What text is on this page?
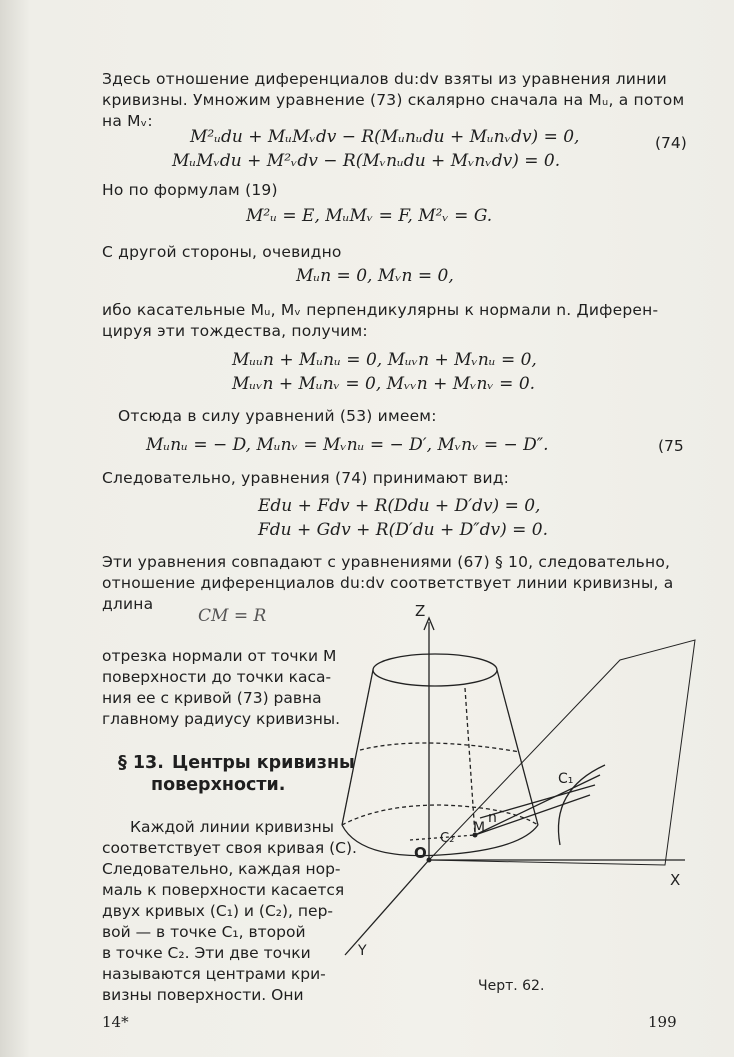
Здесь отношение диференциалов du:dv взяты из уравнения линии
кривизны. Умножим уравнение (73) скалярно сначала на Mᵤ, а потом
на Mᵥ:
M²ᵤdu + MᵤMᵥdv − R(Mᵤnᵤdu + Mᵤnᵥdv) = 0,
MᵤMᵥdu + M²ᵥdv − R(Mᵥnᵤdu + Mᵥnᵥdv) = 0.
(74)
Но по формулам (19)
M²ᵤ = E, MᵤMᵥ = F, M²ᵥ = G.
С другой стороны, очевидно
Mᵤn = 0, Mᵥn = 0,
ибо касательные Mᵤ, Mᵥ перпендикулярны к нормали n. Диферен-
цируя эти тождества, получим:
Mᵤᵤn + Mᵤnᵤ = 0, Mᵤᵥn + Mᵥnᵤ = 0,
Mᵤᵥn + Mᵤnᵥ = 0, Mᵥᵥn + Mᵥnᵥ = 0.
Отсюда в силу уравнений (53) имеем:
Mᵤnᵤ = − D, Mᵤnᵥ = Mᵥnᵤ = − D′, Mᵥnᵥ = − D″.	(75
Следовательно, уравнения (74) принимают вид:
Edu + Fdv + R(Ddu + D′dv) = 0,
Fdu + Gdv + R(D′du + D″dv) = 0.
Эти уравнения совпадают с уравнениями (67) § 10, следовательно,
отношение диференциалов du:dv соответствует линии кривизны, а
длина
CM = R
отрезка нормали от точки M
поверхности до точки каса-
ния ее с кривой (73) равна
главному радиусу кривизны.
§ 13. Центры кривизны
поверхности.
Каждой линии кривизны
соответствует своя кривая (C).
Следовательно, каждая нор-
маль к поверхности касается
двух кривых (C₁) и (C₂), пер-
вой — в точке C₁, второй
в точке C₂. Эти две точки
называются центрами кри-
визны поверхности. Они
Z
X
Y
O
M
n
C₁
C₂
Черт. 62.
14*	199
